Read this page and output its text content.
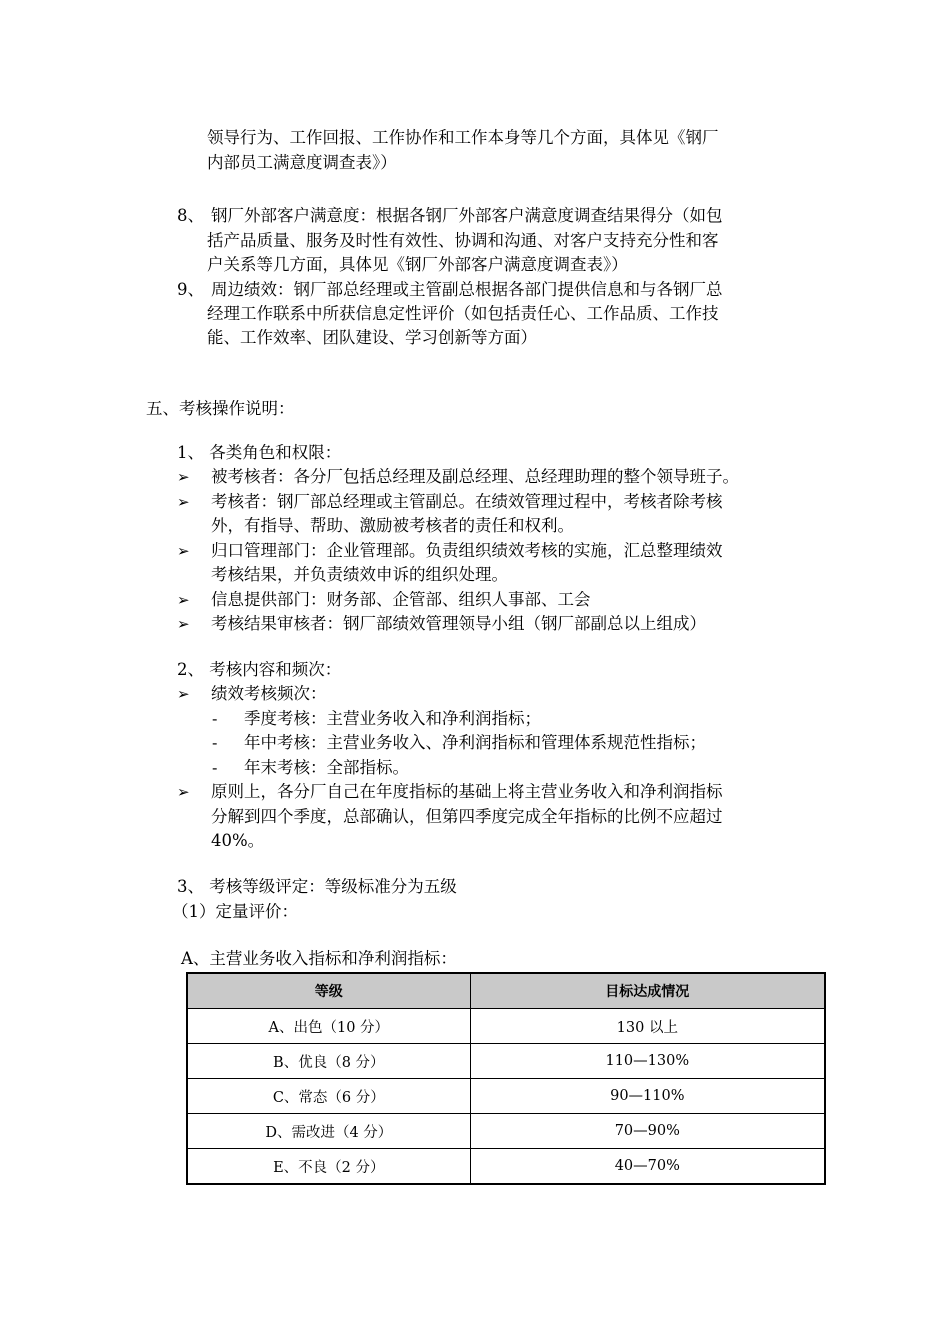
领导行为、工作回报、工作协作和工作本身等几个方面，具体见《钢厂
内部员工满意度调查表》）
8、 钢厂外部客户满意度：根据各钢厂外部客户满意度调查结果得分（如包
括产品质量、服务及时性有效性、协调和沟通、对客户支持充分性和客
户关系等几方面，具体见《钢厂外部客户满意度调查表》）
9、 周边绩效：钢厂部总经理或主管副总根据各部门提供信息和与各钢厂总
经理工作联系中所获信息定性评价（如包括责任心、工作品质、工作技
能、工作效率、团队建设、学习创新等方面）
五、考核操作说明：
1、 各类角色和权限：
➢ 被考核者：各分厂包括总经理及副总经理、总经理助理的整个领导班子。
➢ 考核者：钢厂部总经理或主管副总。在绩效管理过程中，考核者除考核
外，有指导、帮助、激励被考核者的责任和权利。
➢ 归口管理部门：企业管理部。负责组织绩效考核的实施，汇总整理绩效
考核结果，并负责绩效申诉的组织处理。
➢ 信息提供部门：财务部、企管部、组织人事部、工会
➢ 考核结果审核者：钢厂部绩效管理领导小组（钢厂部副总以上组成）
2、 考核内容和频次：
➢ 绩效考核频次：
- 季度考核：主营业务收入和净利润指标；
- 年中考核：主营业务收入、净利润指标和管理体系规范性指标；
- 年末考核：全部指标。
➢ 原则上，各分厂自己在年度指标的基础上将主营业务收入和净利润指标
分解到四个季度，总部确认，但第四季度完成全年指标的比例不应超过
40%。
3、 考核等级评定：等级标准分为五级
（1）定量评价：
A、主营业务收入指标和净利润指标：
等级	目标达成情况
A、出色（10 分）	130 以上
B、优良（8 分）	110—130%
C、常态（6 分）	90—110%
D、需改进（4 分）	70—90%
E、不良（2 分）	40—70%
